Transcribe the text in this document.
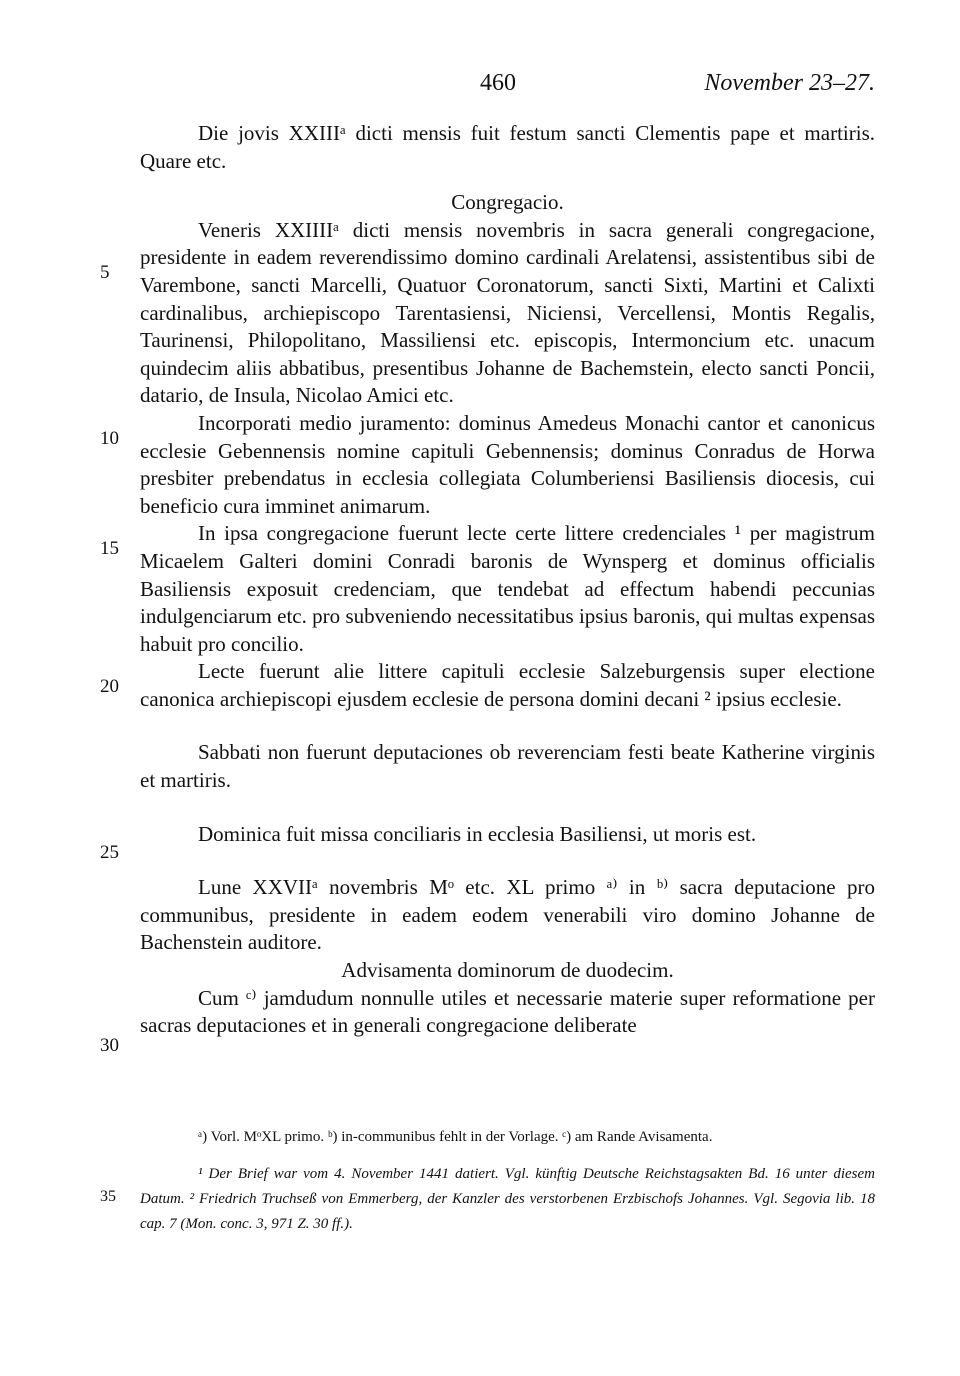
460	November 23–27.
5
10
15
20
25
30

Die jovis XXIIIᵃ dicti mensis fuit festum sancti Clementis pape et martiris. Quare etc.

Congregacio.

Veneris XXIIIIᵃ dicti mensis novembris in sacra generali congregacione, presidente in eadem reverendissimo domino cardinali Arelatensi, assistentibus sibi de Varembone, sancti Marcelli, Quatuor Coronatorum, sancti Sixti, Martini et Calixti cardinalibus, archiepiscopo Tarentasiensi, Niciensi, Vercellensi, Montis Regalis, Taurinensi, Philopolitano, Massiliensi etc. episcopis, Intermoncium etc. unacum quindecim aliis abbatibus, presentibus Johanne de Bachemstein, electo sancti Poncii, datario, de Insula, Nicolao Amici etc.

Incorporati medio juramento: dominus Amedeus Monachi cantor et canonicus ecclesie Gebennensis nomine capituli Gebennensis; dominus Conradus de Horwa presbiter prebendatus in ecclesia collegiata Columberiensi Basiliensis diocesis, cui beneficio cura imminet animarum.

In ipsa congregacione fuerunt lecte certe littere credenciales ¹ per magistrum Micaelem Galteri domini Conradi baronis de Wynsperg et dominus officialis Basiliensis exposuit credenciam, que tendebat ad effectum habendi peccunias indulgenciarum etc. pro subveniendo necessitatibus ipsius baronis, qui multas expensas habuit pro concilio.

Lecte fuerunt alie littere capituli ecclesie Salzeburgensis super electione canonica archiepiscopi ejusdem ecclesie de persona domini decani ² ipsius ecclesie.

Sabbati non fuerunt deputaciones ob reverenciam festi beate Katherine virginis et martiris.

Dominica fuit missa conciliaris in ecclesia Basiliensi, ut moris est.

Lune XXVIIᵃ novembris Mᵒ etc. XL primo ᵃ⁾ in ᵇ⁾ sacra deputacione pro communibus, presidente in eadem eodem venerabili viro domino Johanne de Bachenstein auditore.

Advisamenta dominorum de duodecim.

Cum ᶜ⁾ jamdudum nonnulle utiles et necessarie materie super reformatione per sacras deputaciones et in generali congregacione deliberate

35

ᵃ) Vorl. MᵒXL primo. ᵇ) in-communibus fehlt in der Vorlage. ᶜ) am Rande Avisamenta.

¹ Der Brief war vom 4. November 1441 datiert. Vgl. künftig Deutsche Reichstagsakten Bd. 16 unter diesem Datum. ² Friedrich Truchseß von Emmerberg, der Kanzler des verstorbenen Erzbischofs Johannes. Vgl. Segovia lib. 18 cap. 7 (Mon. conc. 3, 971 Z. 30 ff.).
